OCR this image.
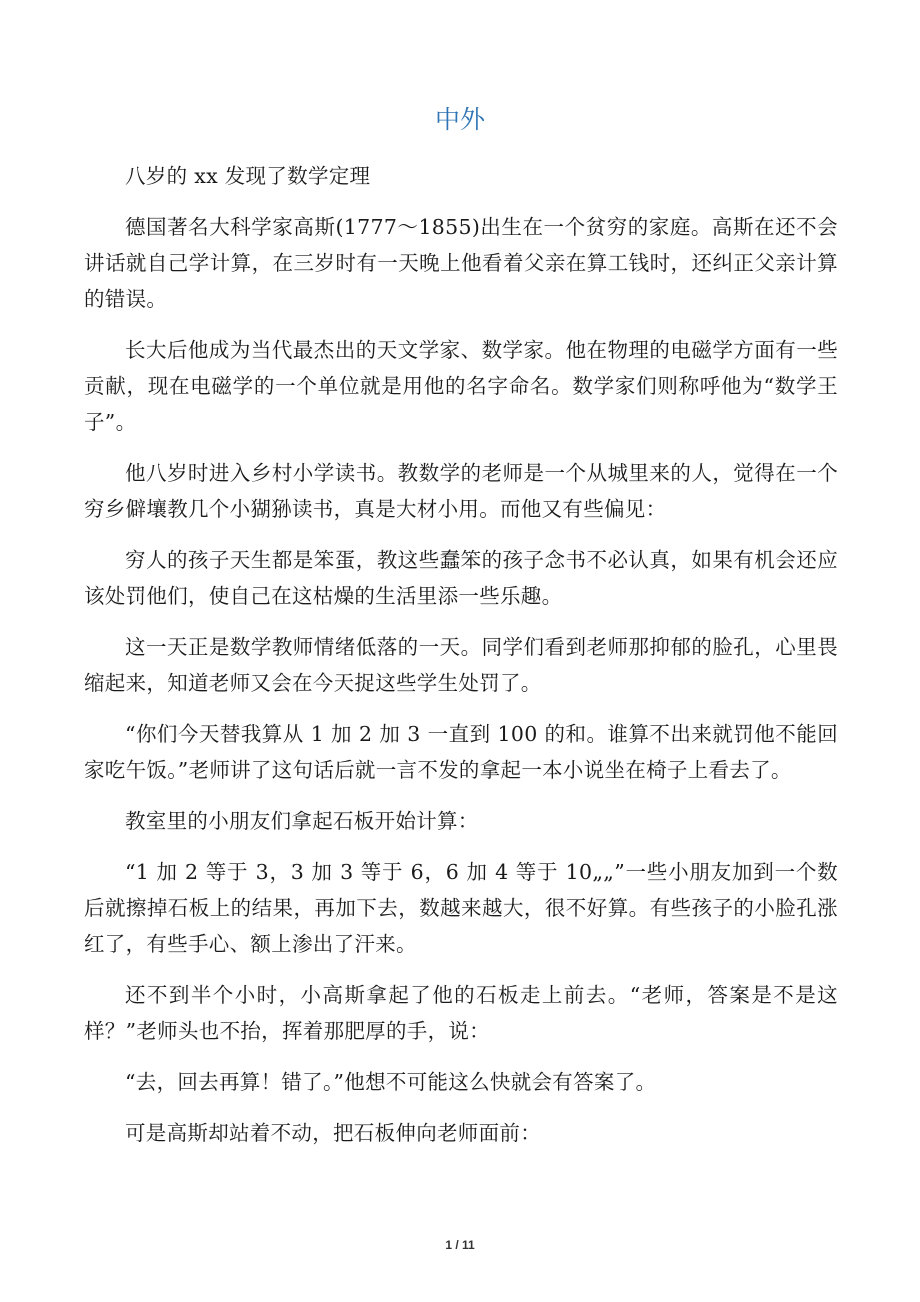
中外

八岁的 xx 发现了数学定理

德国著名大科学家高斯(1777～1855)出生在一个贫穷的家庭。高斯在还不会讲话就自己学计算，在三岁时有一天晚上他看着父亲在算工钱时，还纠正父亲计算的错误。

长大后他成为当代最杰出的天文学家、数学家。他在物理的电磁学方面有一些贡献，现在电磁学的一个单位就是用他的名字命名。数学家们则称呼他为“数学王子”。

他八岁时进入乡村小学读书。教数学的老师是一个从城里来的人，觉得在一个穷乡僻壤教几个小猢狲读书，真是大材小用。而他又有些偏见：

穷人的孩子天生都是笨蛋，教这些蠢笨的孩子念书不必认真，如果有机会还应该处罚他们，使自己在这枯燥的生活里添一些乐趣。

这一天正是数学教师情绪低落的一天。同学们看到老师那抑郁的脸孔，心里畏缩起来，知道老师又会在今天捉这些学生处罚了。

“你们今天替我算从 1 加 2 加 3 一直到 100 的和。谁算不出来就罚他不能回家吃午饭。”老师讲了这句话后就一言不发的拿起一本小说坐在椅子上看去了。

教室里的小朋友们拿起石板开始计算：

“1 加 2 等于 3，3 加 3 等于 6，6 加 4 等于 10„„”一些小朋友加到一个数后就擦掉石板上的结果，再加下去，数越来越大，很不好算。有些孩子的小脸孔涨红了，有些手心、额上渗出了汗来。

还不到半个小时，小高斯拿起了他的石板走上前去。“老师，答案是不是这样？”老师头也不抬，挥着那肥厚的手，说：

“去，回去再算！错了。”他想不可能这么快就会有答案了。

可是高斯却站着不动，把石板伸向老师面前：

1 / 11
